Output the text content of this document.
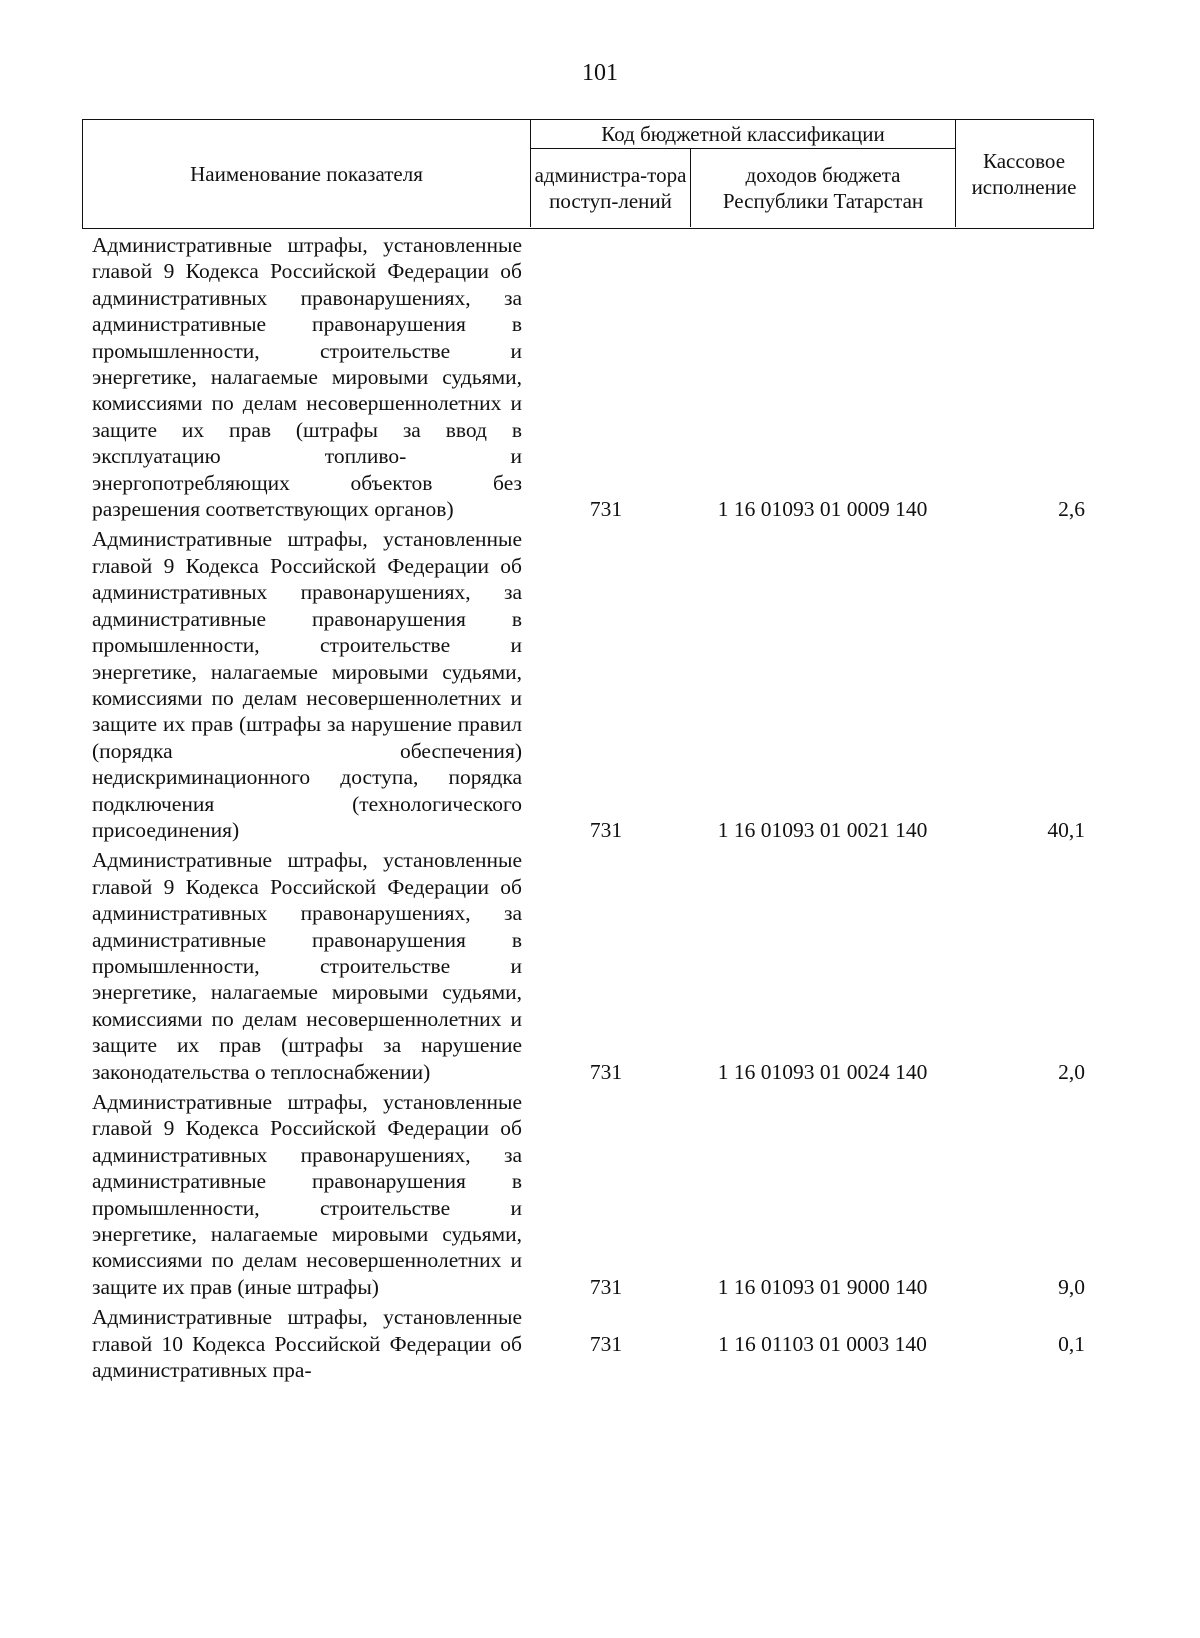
101
Наименование показателя
Код бюджетной классификации
администра-тора поступ-лений
доходов бюджета Республики Татарстан
Кассовое исполнение
Административные штрафы, установленные главой 9 Кодекса Российской Федерации об административных правонарушениях, за административные правонарушения в промышленности, строительстве и энергетике, налагаемые мировыми судьями, комиссиями по делам несовершеннолетних и защите их прав (штрафы за ввод в эксплуатацию топливо- и энергопотребляющих объектов без разрешения соответствующих органов)	731	1 16 01093 01 0009 140	2,6
Административные штрафы, установленные главой 9 Кодекса Российской Федерации об административных правонарушениях, за административные правонарушения в промышленности, строительстве и энергетике, налагаемые мировыми судьями, комиссиями по делам несовершеннолетних и защите их прав (штрафы за нарушение правил (порядка обеспечения) недискриминационного доступа, порядка подключения (технологического присоединения)	731	1 16 01093 01 0021 140	40,1
Административные штрафы, установленные главой 9 Кодекса Российской Федерации об административных правонарушениях, за административные правонарушения в промышленности, строительстве и энергетике, налагаемые мировыми судьями, комиссиями по делам несовершеннолетних и защите их прав (штрафы за нарушение законодательства о теплоснабжении)	731	1 16 01093 01 0024 140	2,0
Административные штрафы, установленные главой 9 Кодекса Российской Федерации об административных правонарушениях, за административные правонарушения в промышленности, строительстве и энергетике, налагаемые мировыми судьями, комиссиями по делам несовершеннолетних и защите их прав (иные штрафы)	731	1 16 01093 01 9000 140	9,0
Административные штрафы, установленные главой 10 Кодекса Российской Федерации об административных пра-
731	1 16 01103 01 0003 140	0,1
